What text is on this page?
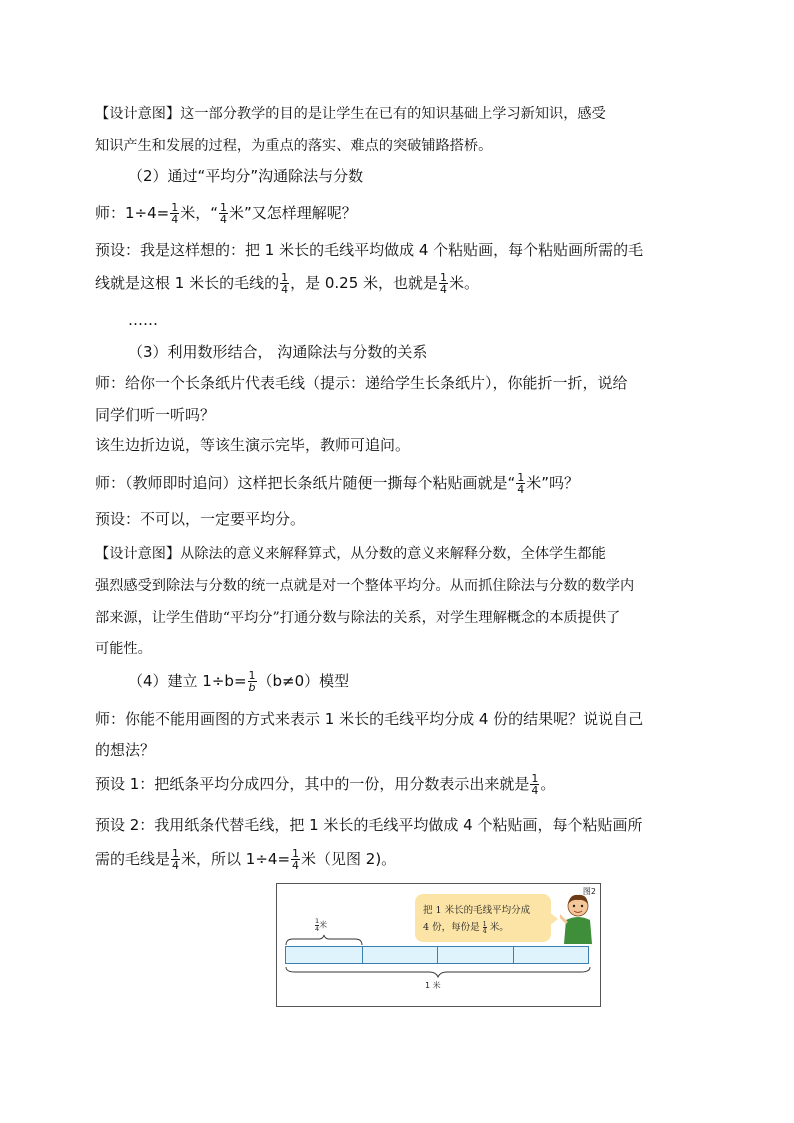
【设计意图】这一部分教学的目的是让学生在已有的知识基础上学习新知识，感受
知识产生和发展的过程，为重点的落实、难点的突破铺路搭桥。
（2）通过“平均分”沟通除法与分数
师：$1\div 4= \frac{1}{4}$ 米，“ $\frac{1}{4}$ 米”又怎样理解呢？
预设：我是这样想的：把 1 米长的毛线平均做成 4 个粘贴画，每个粘贴画所需的毛
线就是这根 1 米长的毛线的 $\frac{1}{4}$ ，是 0.25 米，也就是 $\frac{1}{4}$ 米。
……
（3）利用数形结合， 沟通除法与分数的关系
师：给你一个长条纸片代表毛线（提示：递给学生长条纸片），你能折一折，说给
同学们听一听吗？
该生边折边说，等该生演示完毕，教师可追问。
师：（教师即时追问）这样把长条纸片随便一撕每个粘贴画就是“ $\frac{1}{4}$ 米”吗？
预设：不可以，一定要平均分。
【设计意图】从除法的意义来解释算式，从分数的意义来解释分数，全体学生都能
强烈感受到除法与分数的统一点就是对一个整体平均分。从而抓住除法与分数的数学内
部来源，让学生借助“平均分”打通分数与除法的关系，对学生理解概念的本质提供了
可能性。
（4）建立 $1\div b= \frac{1}{b} (b\ne 0)$模型
师：你能不能用画图的方式来表示 1 米长的毛线平均分成 4 份的结果呢？说说自己
的想法？
预设 1：把纸条平均分成四分，其中的一份，用分数表示出来就是 $\frac{1}{4}$ 。
预设 2：我用纸条代替毛线，把 1 米长的毛线平均做成 4 个粘贴画，每个粘贴画所
需的毛线是 $\frac{1}{4}$ 米，所以 $1\div 4= \frac{1}{4}$ 米（见图 2)。
图2
把 1 米长的毛线平均分成
4 份，每份是 $\frac{1}{4}$ 米。
$\frac{1}{4}$ 米
1 米
